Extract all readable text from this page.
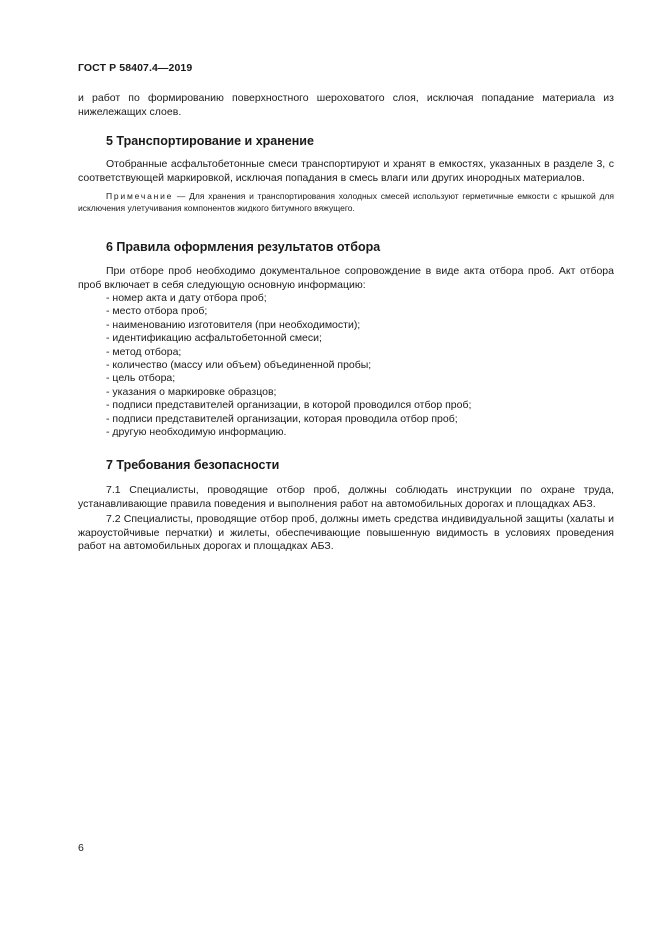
ГОСТ Р 58407.4—2019

и работ по формированию поверхностного шероховатого слоя, исключая попадание материала из нижележащих слоев.

5 Транспортирование и хранение

Отобранные асфальтобетонные смеси транспортируют и хранят в емкостях, указанных в разделе 3, с соответствующей маркировкой, исключая попадания в смесь влаги или других инородных материалов.

Примечание — Для хранения и транспортирования холодных смесей используют герметичные емкости с крышкой для исключения улетучивания компонентов жидкого битумного вяжущего.

6 Правила оформления результатов отбора

При отборе проб необходимо документальное сопровождение в виде акта отбора проб. Акт отбора проб включает в себя следующую основную информацию:

- номер акта и дату отбора проб;
- место отбора проб;
- наименованию изготовителя (при необходимости);
- идентификацию асфальтобетонной смеси;
- метод отбора;
- количество (массу или объем) объединенной пробы;
- цель отбора;
- указания о маркировке образцов;
- подписи представителей организации, в которой проводился отбор проб;
- подписи представителей организации, которая проводила отбор проб;
- другую необходимую информацию.
7 Требования безопасности

7.1 Специалисты, проводящие отбор проб, должны соблюдать инструкции по охране труда, устанавливающие правила поведения и выполнения работ на автомобильных дорогах и площадках АБЗ.

7.2 Специалисты, проводящие отбор проб, должны иметь средства индивидуальной защиты (халаты и жароустойчивые перчатки) и жилеты, обеспечивающие повышенную видимость в условиях проведения работ на автомобильных дорогах и площадках АБЗ.

6
